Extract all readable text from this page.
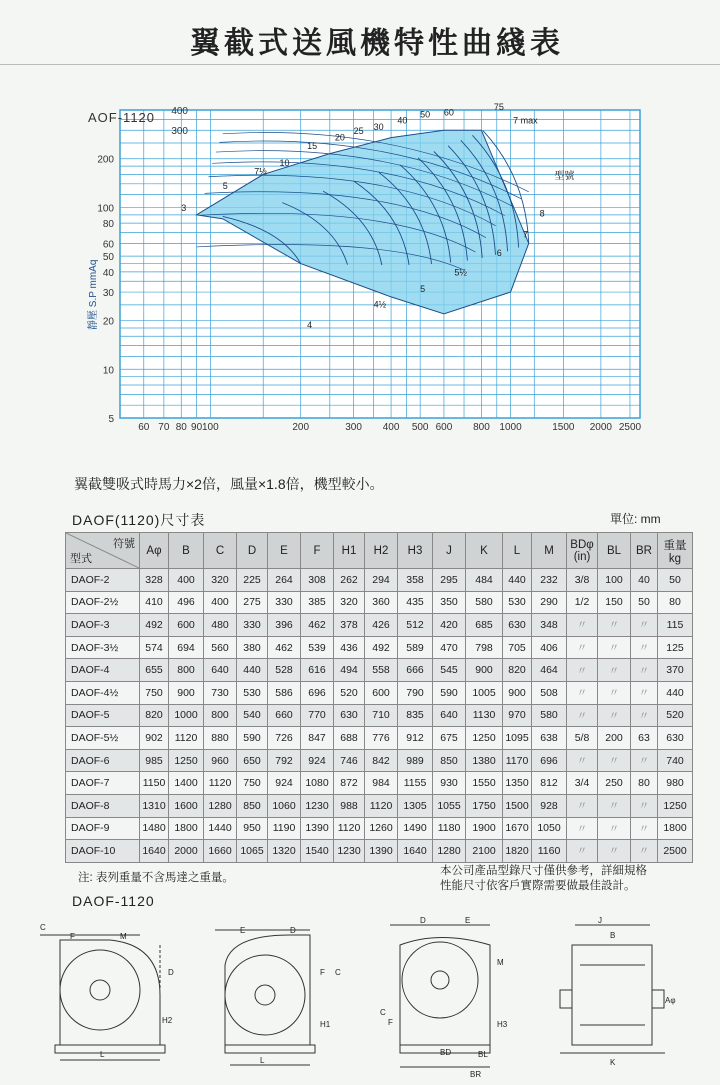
翼截式送風機特性曲綫表
AOF-1120
靜壓 S.P mmAq
5
10
20
30
40
50
60
80
100
200
300
400
60 70 80 90 100	200	300 400 500 600 800 1000	1500 2000 2500
3
5
7½
10
15
20
25 30
40
50 60
75
4
4½
5
5½
6
7
8
7 max
型號
翼截雙吸式時馬力×2倍，風量×1.8倍，機型較小。
DAOF(1120)尺寸表	單位: mm
符號
型式	Aφ	B	C	D	E	F	H1	H2	H3	J	K	L	M	BDφ (in)	BL	BR	重量 kg
DAOF-2	328	400	320	225	264	308	262	294	358	295	484	440	232	3/8	100	40	50
DAOF-2½	410	496	400	275	330	385	320	360	435	350	580	530	290	1/2	150	50	80
DAOF-3	492	600	480	330	396	462	378	426	512	420	685	630	348	〃	〃	〃	115
DAOF-3½	574	694	560	380	462	539	436	492	589	470	798	705	406	〃	〃	〃	125
DAOF-4	655	800	640	440	528	616	494	558	666	545	900	820	464	〃	〃	〃	370
DAOF-4½	750	900	730	530	586	696	520	600	790	590	1005	900	508	〃	〃	〃	440
DAOF-5	820	1000	800	540	660	770	630	710	835	640	1130	970	580	〃	〃	〃	520
DAOF-5½	902	1120	880	590	726	847	688	776	912	675	1250	1095	638	5/8	200	63	630
DAOF-6	985	1250	960	650	792	924	746	842	989	850	1380	1170	696	〃	〃	〃	740
DAOF-7	1150	1400	1120	750	924	1080	872	984	1155	930	1550	1350	812	3/4	250	80	980
DAOF-8	1310	1600	1280	850	1060	1230	988	1120	1305	1055	1750	1500	928	〃	〃	〃	1250
DAOF-9	1480	1800	1440	950	1190	1390	1120	1260	1490	1180	1900	1670	1050	〃	〃	〃	1800
DAOF-10	1640	2000	1660	1065	1320	1540	1230	1390	1640	1280	2100	1820	1160	〃	〃	〃	2500
注: 表列重量不含馬達之重量。
本公司產品型錄尺寸僅供參考，詳細規格
性能尺寸依客戶實際需要做最佳設計。
DAOF-1120
C
F	M
D
H2
L
E	D
F C
H1
L
D	E
M
C
F	H3
BD	BL
BR
J
B
Aφ
K
